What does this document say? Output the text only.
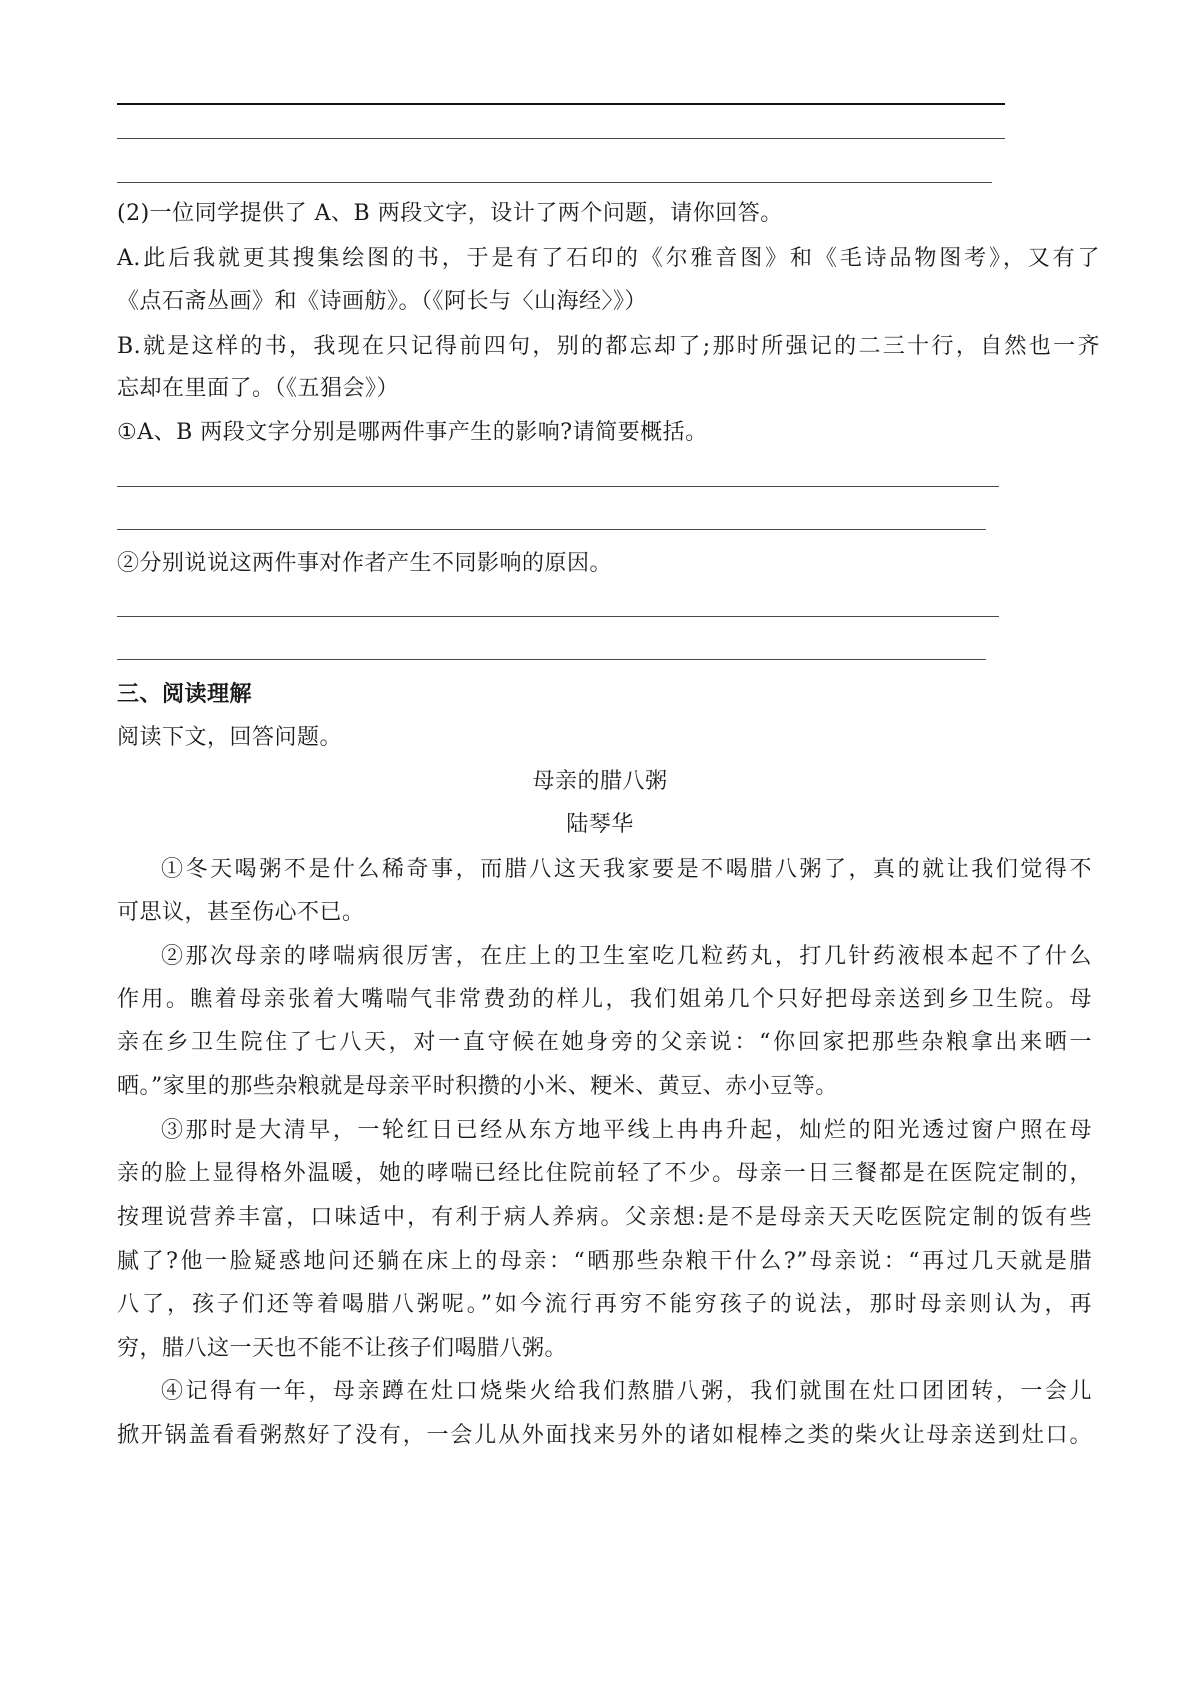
(2)一位同学提供了 A、B 两段文字，设计了两个问题，请你回答。
A.此后我就更其搜集绘图的书，于是有了石印的《尔雅音图》和《毛诗品物图考》，又有了
《点石斋丛画》和《诗画舫》。（《阿长与〈山海经〉》）
B.就是这样的书，我现在只记得前四句，别的都忘却了;那时所强记的二三十行，自然也一齐
忘却在里面了。（《五猖会》）
①A、B 两段文字分别是哪两件事产生的影响?请简要概括。
②分别说说这两件事对作者产生不同影响的原因。
三、阅读理解
阅读下文，回答问题。
母亲的腊八粥
陆琴华
①冬天喝粥不是什么稀奇事，而腊八这天我家要是不喝腊八粥了，真的就让我们觉得不
可思议，甚至伤心不已。
②那次母亲的哮喘病很厉害，在庄上的卫生室吃几粒药丸，打几针药液根本起不了什么
作用。瞧着母亲张着大嘴喘气非常费劲的样儿，我们姐弟几个只好把母亲送到乡卫生院。母
亲在乡卫生院住了七八天，对一直守候在她身旁的父亲说：“你回家把那些杂粮拿出来晒一
晒。”家里的那些杂粮就是母亲平时积攒的小米、粳米、黄豆、赤小豆等。
③那时是大清早，一轮红日已经从东方地平线上冉冉升起，灿烂的阳光透过窗户照在母
亲的脸上显得格外温暖，她的哮喘已经比住院前轻了不少。母亲一日三餐都是在医院定制的，
按理说营养丰富，口味适中，有利于病人养病。父亲想:是不是母亲天天吃医院定制的饭有些
腻了?他一脸疑惑地问还躺在床上的母亲：“晒那些杂粮干什么?”母亲说：“再过几天就是腊
八了，孩子们还等着喝腊八粥呢。”如今流行再穷不能穷孩子的说法，那时母亲则认为，再
穷，腊八这一天也不能不让孩子们喝腊八粥。
④记得有一年，母亲蹲在灶口烧柴火给我们熬腊八粥，我们就围在灶口团团转，一会儿
掀开锅盖看看粥熬好了没有，一会儿从外面找来另外的诸如棍棒之类的柴火让母亲送到灶口。
